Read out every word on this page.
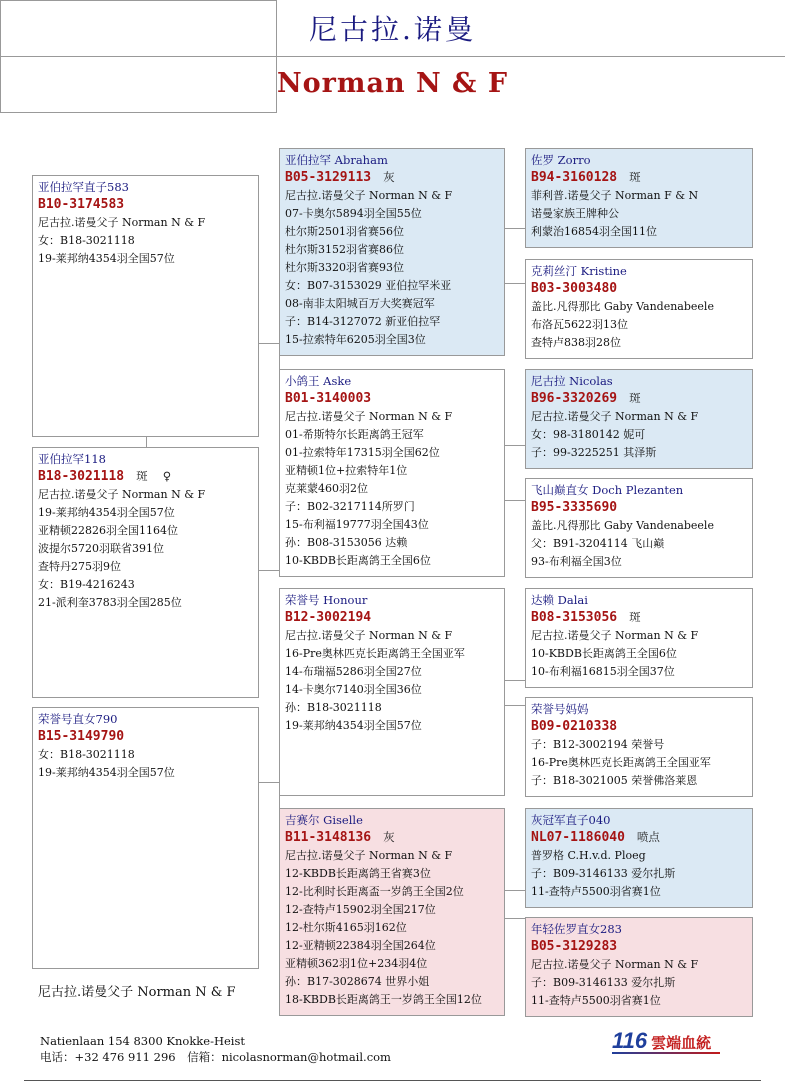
尼古拉.诺曼
Norman N & F
亚伯拉罕直子583
B10-3174583
尼古拉.诺曼父子 Norman N & F
女：B18-3021118
19-莱邦纳4354羽全国57位
亚伯拉罕118
B18-3021118 斑　 ♀
尼古拉.诺曼父子 Norman N & F
19-莱邦纳4354羽全国57位
亚精顿22826羽全国1164位
波提尔5720羽联省391位
查特丹275羽9位
女：B19-4216243
21-派利奎3783羽全国285位
荣誉号直女790
B15-3149790
女：B18-3021118
19-莱邦纳4354羽全国57位
亚伯拉罕 Abraham
B05-3129113 灰
尼古拉.诺曼父子 Norman N & F
07-卡奥尔5894羽全国55位
杜尔斯2501羽省赛56位
杜尔斯3152羽省赛86位
杜尔斯3320羽省赛93位
女：B07-3153029 亚伯拉罕米亚
08-南非太阳城百万大奖赛冠军
子：B14-3127072 新亚伯拉罕
15-拉索特年6205羽全国3位
小鸽王 Aske
B01-3140003
尼古拉.诺曼父子 Norman N & F
01-希斯特尔长距离鸽王冠军
01-拉索特年17315羽全国62位
亚精顿1位+拉索特年1位
克莱蒙460羽2位
子：B02-3217114所罗门
15-布利福19777羽全国43位
孙：B08-3153056 达赖
10-KBDB长距离鸽王全国6位
荣誉号 Honour
B12-3002194
尼古拉.诺曼父子 Norman N & F
16-Pre奥林匹克长距离鸽王全国亚军
14-布瑞福5286羽全国27位
14-卡奥尔7140羽全国36位
孙：B18-3021118
19-莱邦纳4354羽全国57位
吉赛尔 Giselle
B11-3148136 灰
尼古拉.诺曼父子 Norman N & F
12-KBDB长距离鸽王省赛3位
12-比利时长距离盃一岁鸽王全国2位
12-查特卢15902羽全国217位
12-杜尔斯4165羽162位
12-亚精顿22384羽全国264位
亚精顿362羽1位+234羽4位
孙：B17-3028674 世界小姐
18-KBDB长距离鸽王一岁鸽王全国12位
佐罗 Zorro
B94-3160128 斑
菲利普.诺曼父子 Norman F & N
诺曼家族王牌种公
利蒙治16854羽全国11位
克莉丝汀 Kristine
B03-3003480
盖比.凡得那比 Gaby Vandenabeele
布洛瓦5622羽13位
查特卢838羽28位
尼古拉 Nicolas
B96-3320269 斑
尼古拉.诺曼父子 Norman N & F
女：98-3180142 妮可
子：99-3225251 其泽斯
飞山巅直女 Doch Plezanten
B95-3335690
盖比.凡得那比 Gaby Vandenabeele
父：B91-3204114 飞山巅
93-布利福全国3位
达赖 Dalai
B08-3153056 斑
尼古拉.诺曼父子 Norman N & F
10-KBDB长距离鸽王全国6位
10-布利福16815羽全国37位
荣誉号妈妈
B09-0210338
子：B12-3002194 荣誉号
16-Pre奥林匹克长距离鸽王全国亚军
子：B18-3021005 荣誉佛洛莱恩
灰冠军直子040
NL07-1186040 喷点
普罗格 C.H.v.d. Ploeg
子：B09-3146133 爱尔扎斯
11-查特卢5500羽省赛1位
年轻佐罗直女283
B05-3129283
尼古拉.诺曼父子 Norman N & F
子：B09-3146133 爱尔扎斯
11-查特卢5500羽省赛1位
尼古拉.诺曼父子 Norman N & F
Natienlaan 154 8300 Knokke-Heist
电话：+32 476 911 296　信箱：nicolasnorman@hotmail.com
116 雲端血統
